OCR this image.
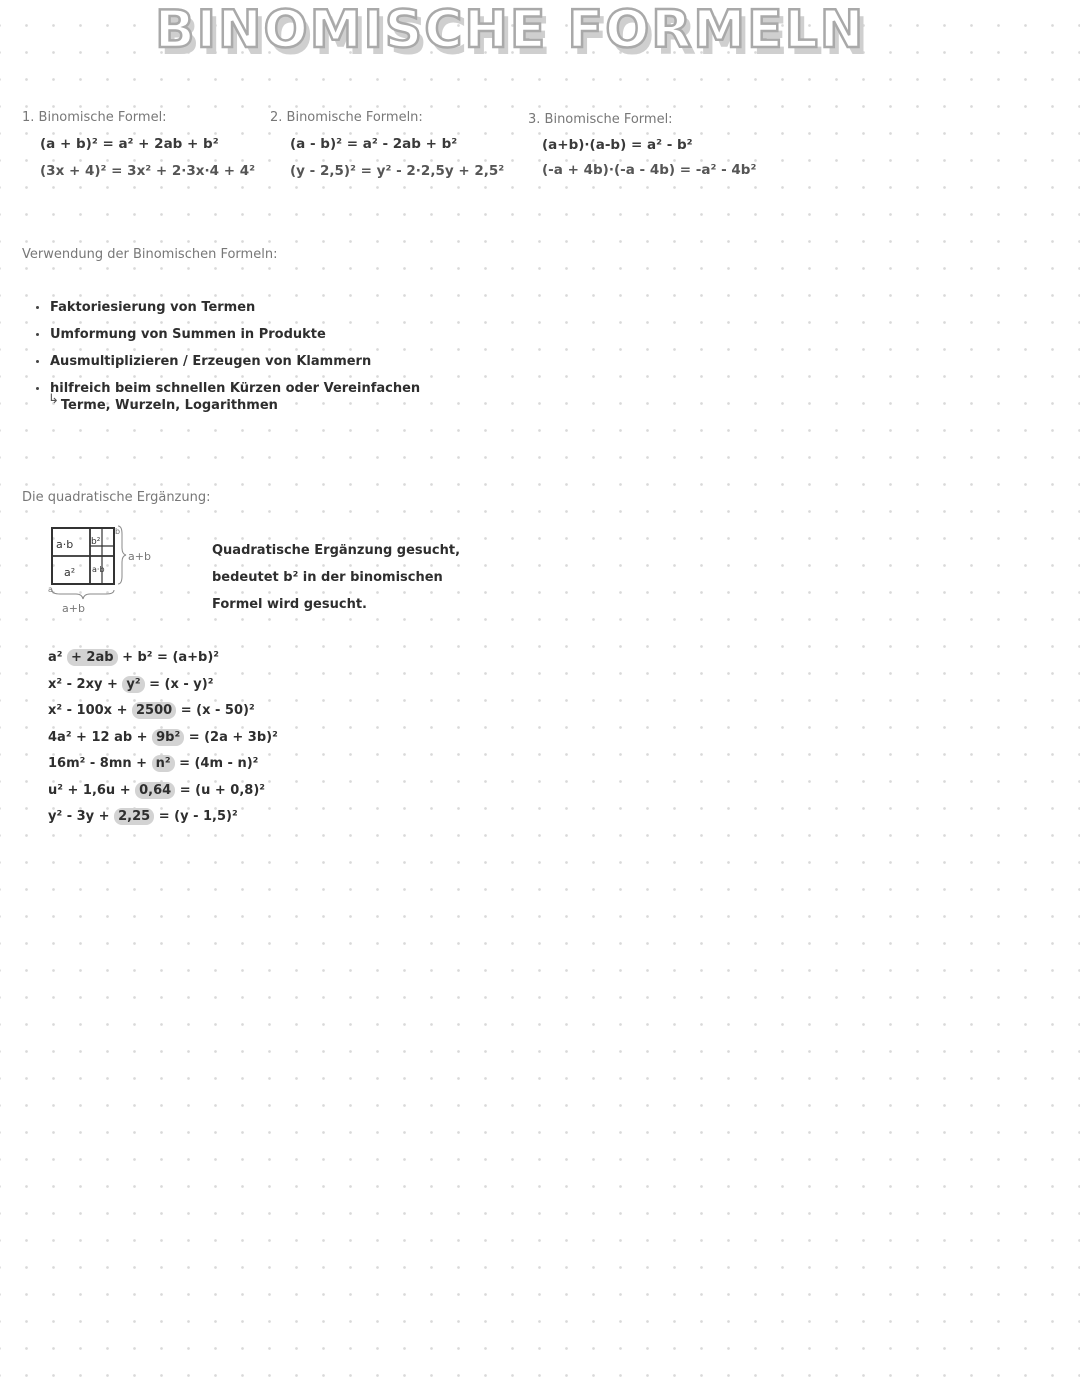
BINOMISCHE FORMELN
1. Binomische Formel:
(a + b)² = a² + 2ab + b²
(3x + 4)² = 3x² + 2·3x·4 + 4²
2. Binomische Formeln:
(a - b)² = a² - 2ab + b²
(y - 2,5)² = y² - 2·2,5y + 2,5²
3. Binomische Formel:
(a+b)·(a-b) = a² - b²
(-a + 4b)·(-a - 4b) = -a² - 4b²
Verwendung der Binomischen Formeln:
Faktoriesierung von Termen
Umformung von Summen in Produkte
Ausmultiplizieren / Erzeugen von Klammern
hilfreich beim schnellen Kürzen oder Vereinfachen
↳ Terme, Wurzeln, Logarithmen
Die quadratische Ergänzung:
a·b b²
a² a·b
b
a
a+b
a+b

Quadratische Ergänzung gesucht,

bedeutet b² in der binomischen

Formel wird gesucht.

a² + 2ab + b² = (a+b)²
x² - 2xy + y² = (x - y)²
x² - 100x + 2500 = (x - 50)²
4a² + 12 ab + 9b² = (2a + 3b)²
16m² - 8mn + n² = (4m - n)²
u² + 1,6u + 0,64 = (u + 0,8)²
y² - 3y + 2,25 = (y - 1,5)²
